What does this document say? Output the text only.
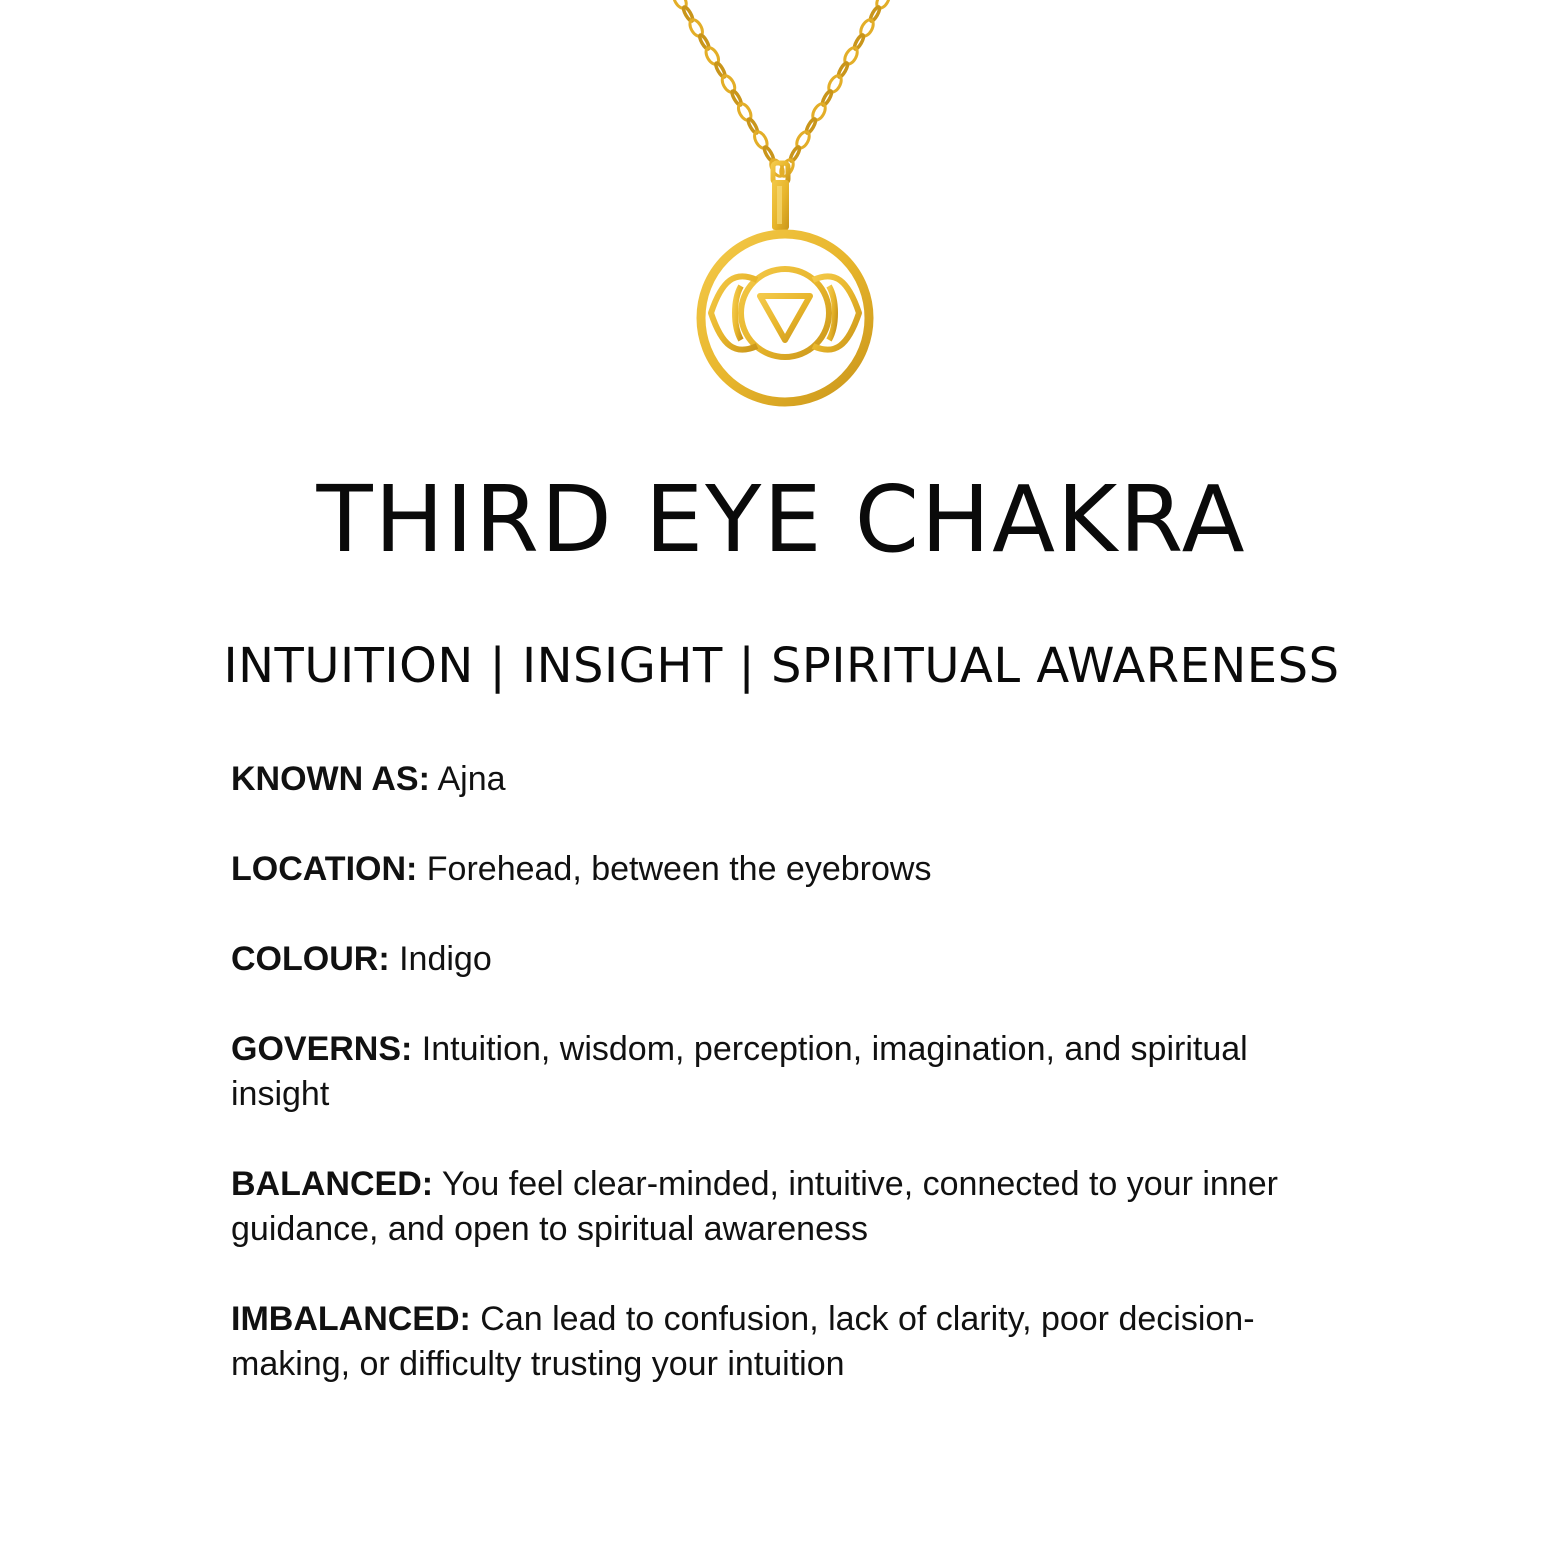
THIRD EYE CHAKRA
INTUITION | INSIGHT | SPIRITUAL AWARENESS

KNOWN AS: Ajna

LOCATION: Forehead, between the eyebrows

COLOUR: Indigo

GOVERNS: Intuition, wisdom, perception, imagination, and spiritual insight

BALANCED: You feel clear-minded, intuitive, connected to your inner guidance, and open to spiritual awareness

IMBALANCED: Can lead to confusion, lack of clarity, poor decision-making, or difficulty trusting your intuition
